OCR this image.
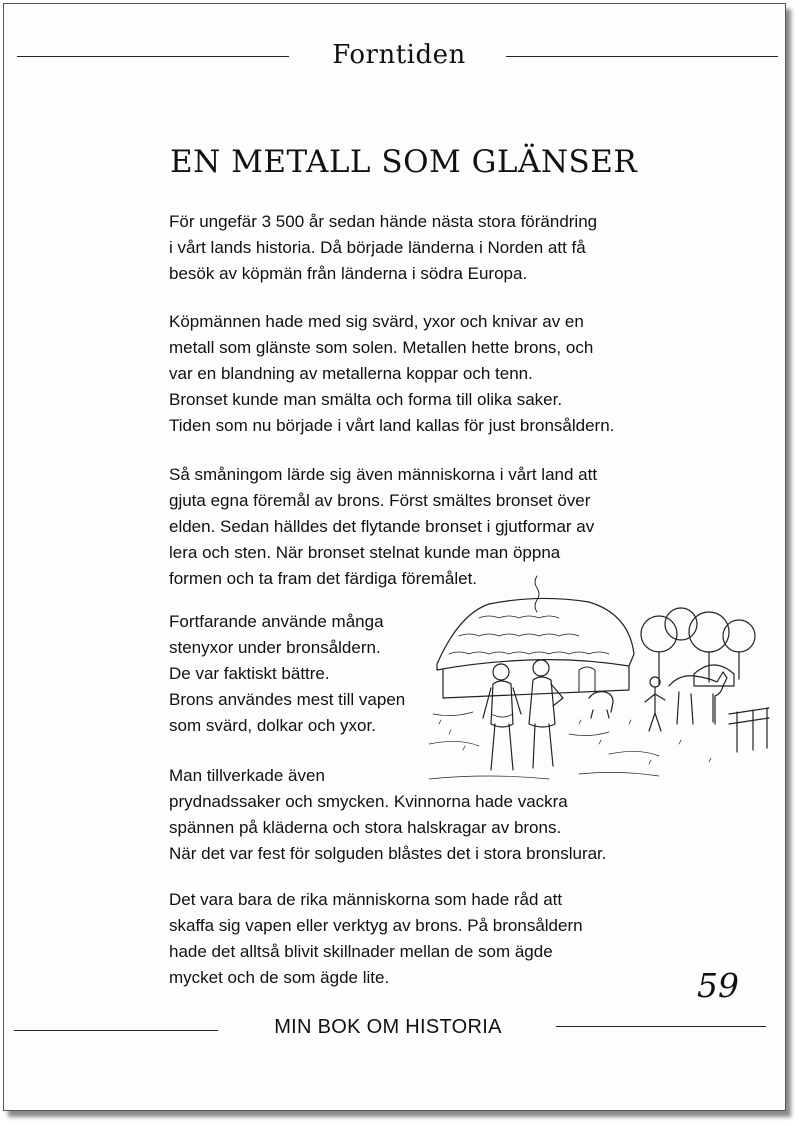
Forntiden
EN METALL SOM GLÄNSER

För ungefär 3 500 år sedan hände nästa stora förändring
i vårt lands historia. Då började länderna i Norden att få
besök av köpmän från länderna i södra Europa.

Köpmännen hade med sig svärd, yxor och knivar av en
metall som glänste som solen. Metallen hette brons, och
var en blandning av metallerna koppar och tenn.
Bronset kunde man smälta och forma till olika saker.
Tiden som nu började i vårt land kallas för just bronsåldern.

Så småningom lärde sig även människorna i vårt land att
gjuta egna föremål av brons. Först smältes bronset över
elden. Sedan hälldes det flytande bronset i gjutformar av
lera och sten. När bronset stelnat kunde man öppna
formen och ta fram det färdiga föremålet.

Fortfarande använde många
stenyxor under bronsåldern.
De var faktiskt bättre.
Brons användes mest till vapen
som svärd, dolkar och yxor.

Man tillverkade även
prydnadssaker och smycken. Kvinnorna hade vackra
spännen på kläderna och stora halskragar av brons.
När det var fest för solguden blåstes det i stora bronslurar.

Det vara bara de rika människorna som hade råd att
skaffa sig vapen eller verktyg av brons. På bronsåldern
hade det alltså blivit skillnader mellan de som ägde
mycket och de som ägde lite.	59
MIN BOK OM HISTORIA
